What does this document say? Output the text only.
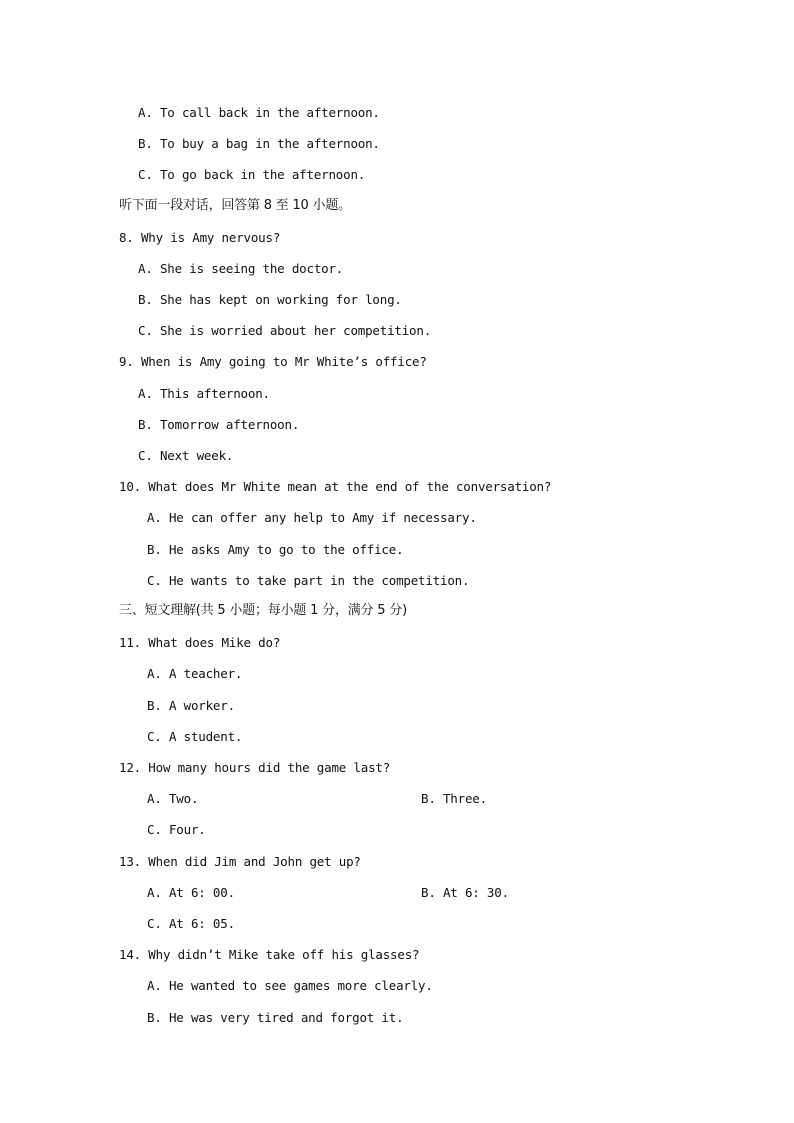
A. To call back in the afternoon.
B. To buy a bag in the afternoon.
C. To go back in the afternoon.
听下面一段对话，回答第 8 至 10 小题。
8. Why is Amy nervous?
A. She is seeing the doctor.
B. She has kept on working for long.
C. She is worried about her competition.
9. When is Amy going to Mr White’s office?
A. This afternoon.
B. Tomorrow afternoon.
C. Next week.
10. What does Mr White mean at the end of the conversation?
A. He can offer any help to Amy if necessary.
B. He asks Amy to go to the office.
C. He wants to take part in the competition.
三、短文理解(共 5 小题；每小题 1 分，满分 5 分)
11. What does Mike do?
A. A teacher.
B. A worker.
C. A student.
12. How many hours did the game last?
A. Two.	B. Three.
C. Four.
13. When did Jim and John get up?
A. At 6: 00.	B. At 6: 30.
C. At 6: 05.
14. Why didn’t Mike take off his glasses?
A. He wanted to see games more clearly.
B. He was very tired and forgot it.
